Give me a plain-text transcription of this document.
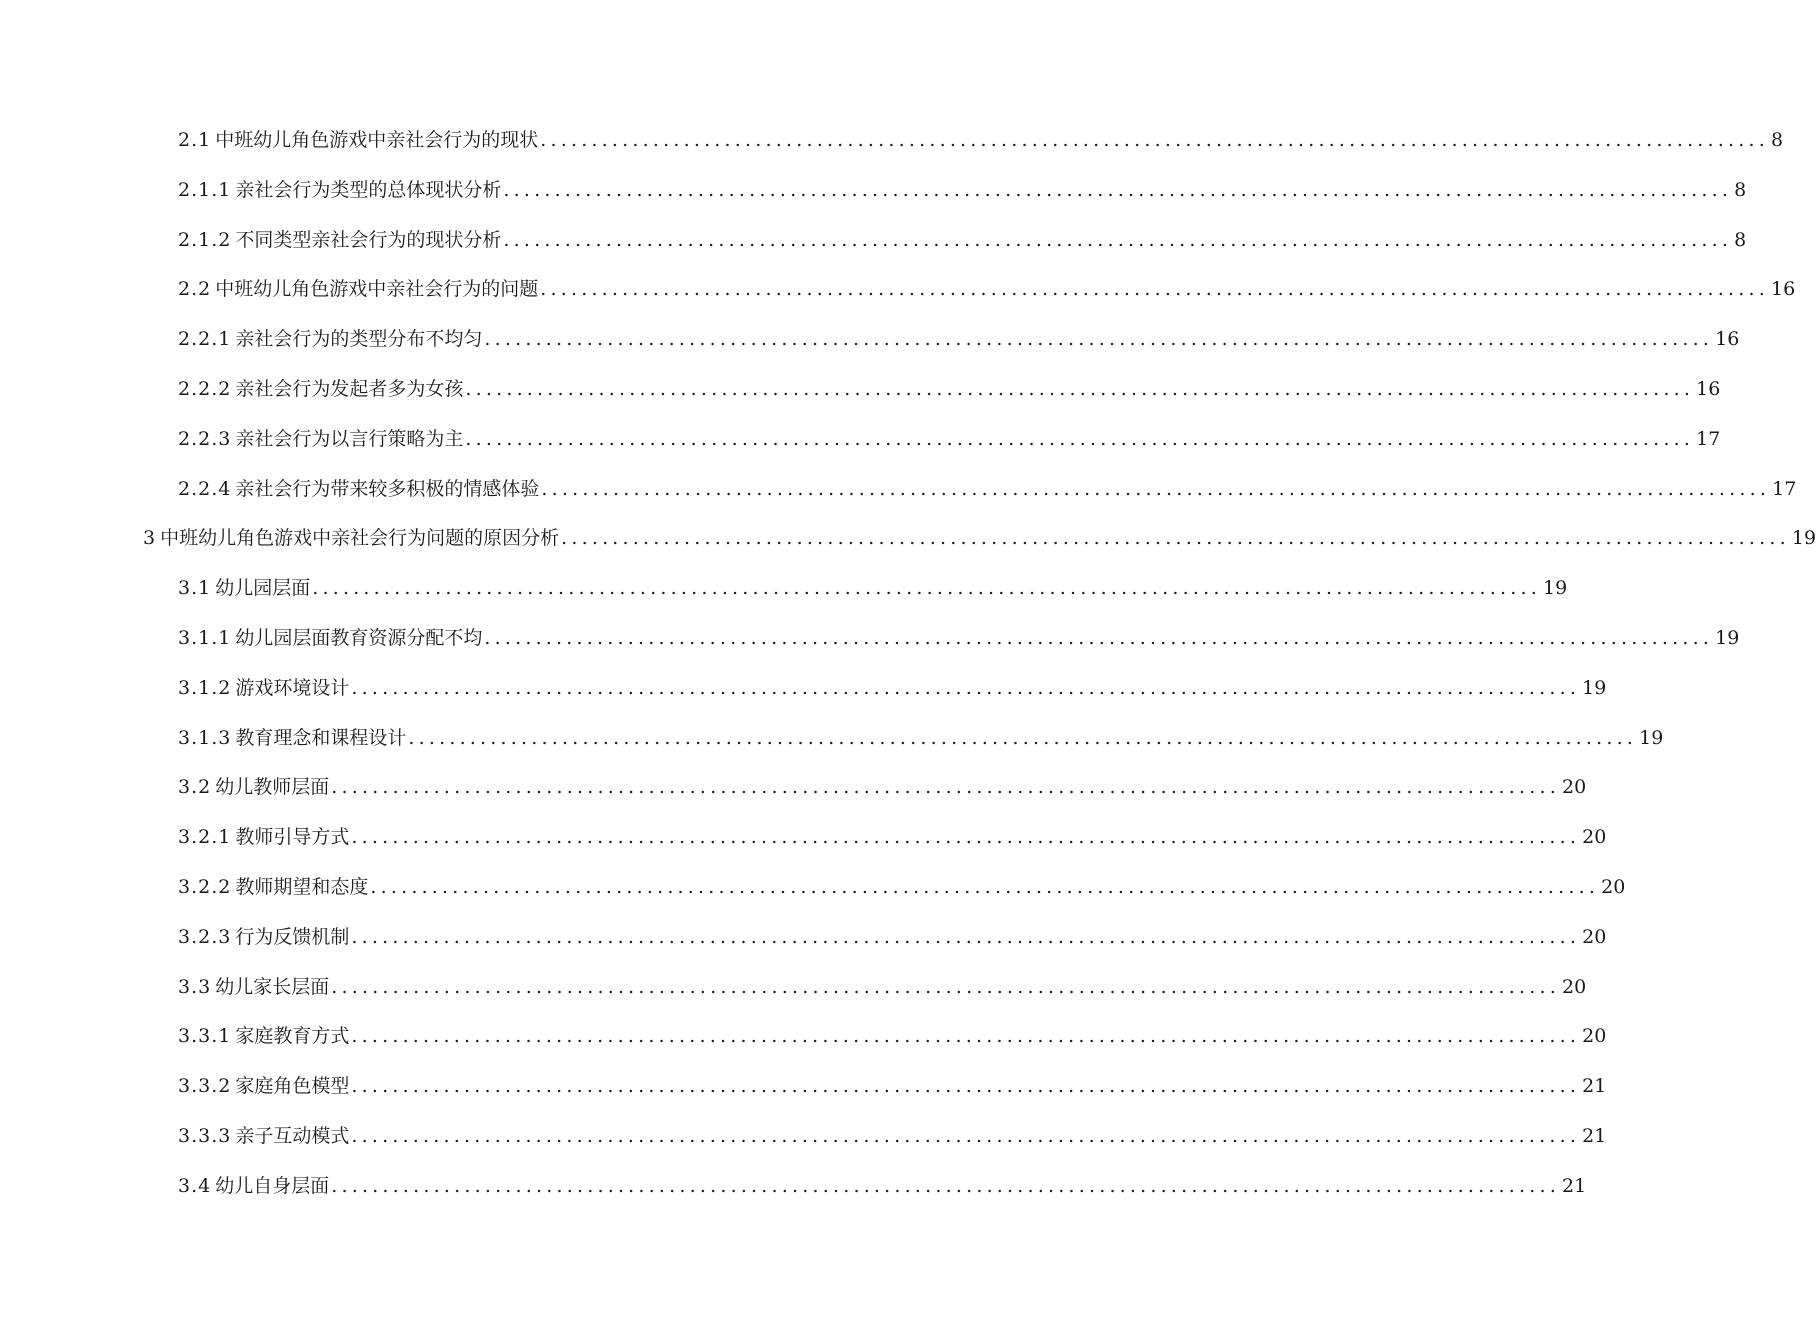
2.1 中班幼儿角色游戏中亲社会行为的现状 ........................................................................................................................ 8
2.1.1 亲社会行为类型的总体现状分析 ........................................................................................................................ 8
2.1.2 不同类型亲社会行为的现状分析 ........................................................................................................................ 8
2.2 中班幼儿角色游戏中亲社会行为的问题 ........................................................................................................................ 16
2.2.1 亲社会行为的类型分布不均匀 ........................................................................................................................ 16
2.2.2 亲社会行为发起者多为女孩 ........................................................................................................................ 16
2.2.3 亲社会行为以言行策略为主 ........................................................................................................................ 17
2.2.4 亲社会行为带来较多积极的情感体验 ........................................................................................................................ 17
3 中班幼儿角色游戏中亲社会行为问题的原因分析 ........................................................................................................................ 19
3.1 幼儿园层面 ........................................................................................................................ 19
3.1.1 幼儿园层面教育资源分配不均 ........................................................................................................................ 19
3.1.2 游戏环境设计 ........................................................................................................................ 19
3.1.3 教育理念和课程设计 ........................................................................................................................ 19
3.2 幼儿教师层面 ........................................................................................................................ 20
3.2.1 教师引导方式 ........................................................................................................................ 20
3.2.2 教师期望和态度 ........................................................................................................................ 20
3.2.3 行为反馈机制 ........................................................................................................................ 20
3.3 幼儿家长层面 ........................................................................................................................ 20
3.3.1 家庭教育方式 ........................................................................................................................ 20
3.3.2 家庭角色模型 ........................................................................................................................ 21
3.3.3 亲子互动模式 ........................................................................................................................ 21
3.4 幼儿自身层面 ........................................................................................................................ 21
